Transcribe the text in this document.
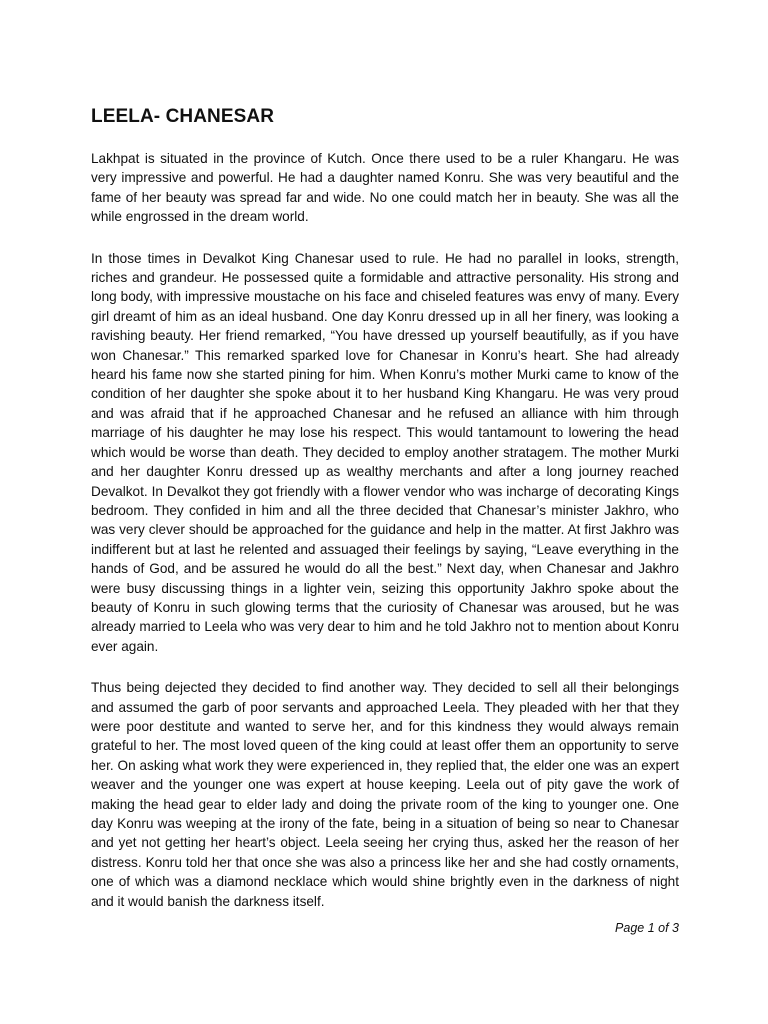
LEELA- CHANESAR

Lakhpat is situated in the province of Kutch. Once there used to be a ruler Khangaru. He was very impressive and powerful. He had a daughter named Konru. She was very beautiful and the fame of her beauty was spread far and wide. No one could match her in beauty. She was all the while engrossed in the dream world.

In those times in Devalkot King Chanesar used to rule. He had no parallel in looks, strength, riches and grandeur. He possessed quite a formidable and attractive personality. His strong and long body, with impressive moustache on his face and chiseled features was envy of many. Every girl dreamt of him as an ideal husband. One day Konru dressed up in all her finery, was looking a ravishing beauty. Her friend remarked, “You have dressed up yourself beautifully, as if you have won Chanesar.” This remarked sparked love for Chanesar in Konru’s heart. She had already heard his fame now she started pining for him. When Konru’s mother Murki came to know of the condition of her daughter she spoke about it to her husband King Khangaru. He was very proud and was afraid that if he approached Chanesar and he refused an alliance with him through marriage of his daughter he may lose his respect. This would tantamount to lowering the head which would be worse than death. They decided to employ another stratagem. The mother Murki and her daughter Konru dressed up as wealthy merchants and after a long journey reached Devalkot. In Devalkot they got friendly with a flower vendor who was incharge of decorating Kings bedroom. They confided in him and all the three decided that Chanesar’s minister Jakhro, who was very clever should be approached for the guidance and help in the matter. At first Jakhro was indifferent but at last he relented and assuaged their feelings by saying, “Leave everything in the hands of God, and be assured he would do all the best.” Next day, when Chanesar and Jakhro were busy discussing things in a lighter vein, seizing this opportunity Jakhro spoke about the beauty of Konru in such glowing terms that the curiosity of Chanesar was aroused, but he was already married to Leela who was very dear to him and he told Jakhro not to mention about Konru ever again.

Thus being dejected they decided to find another way. They decided to sell all their belongings and assumed the garb of poor servants and approached Leela. They pleaded with her that they were poor destitute and wanted to serve her, and for this kindness they would always remain grateful to her. The most loved queen of the king could at least offer them an opportunity to serve her. On asking what work they were experienced in, they replied that, the elder one was an expert weaver and the younger one was expert at house keeping. Leela out of pity gave the work of making the head gear to elder lady and doing the private room of the king to younger one. One day Konru was weeping at the irony of the fate, being in a situation of being so near to Chanesar and yet not getting her heart’s object. Leela seeing her crying thus, asked her the reason of her distress. Konru told her that once she was also a princess like her and she had costly ornaments, one of which was a diamond necklace which would shine brightly even in the darkness of night and it would banish the darkness itself.

Page 1 of 3
